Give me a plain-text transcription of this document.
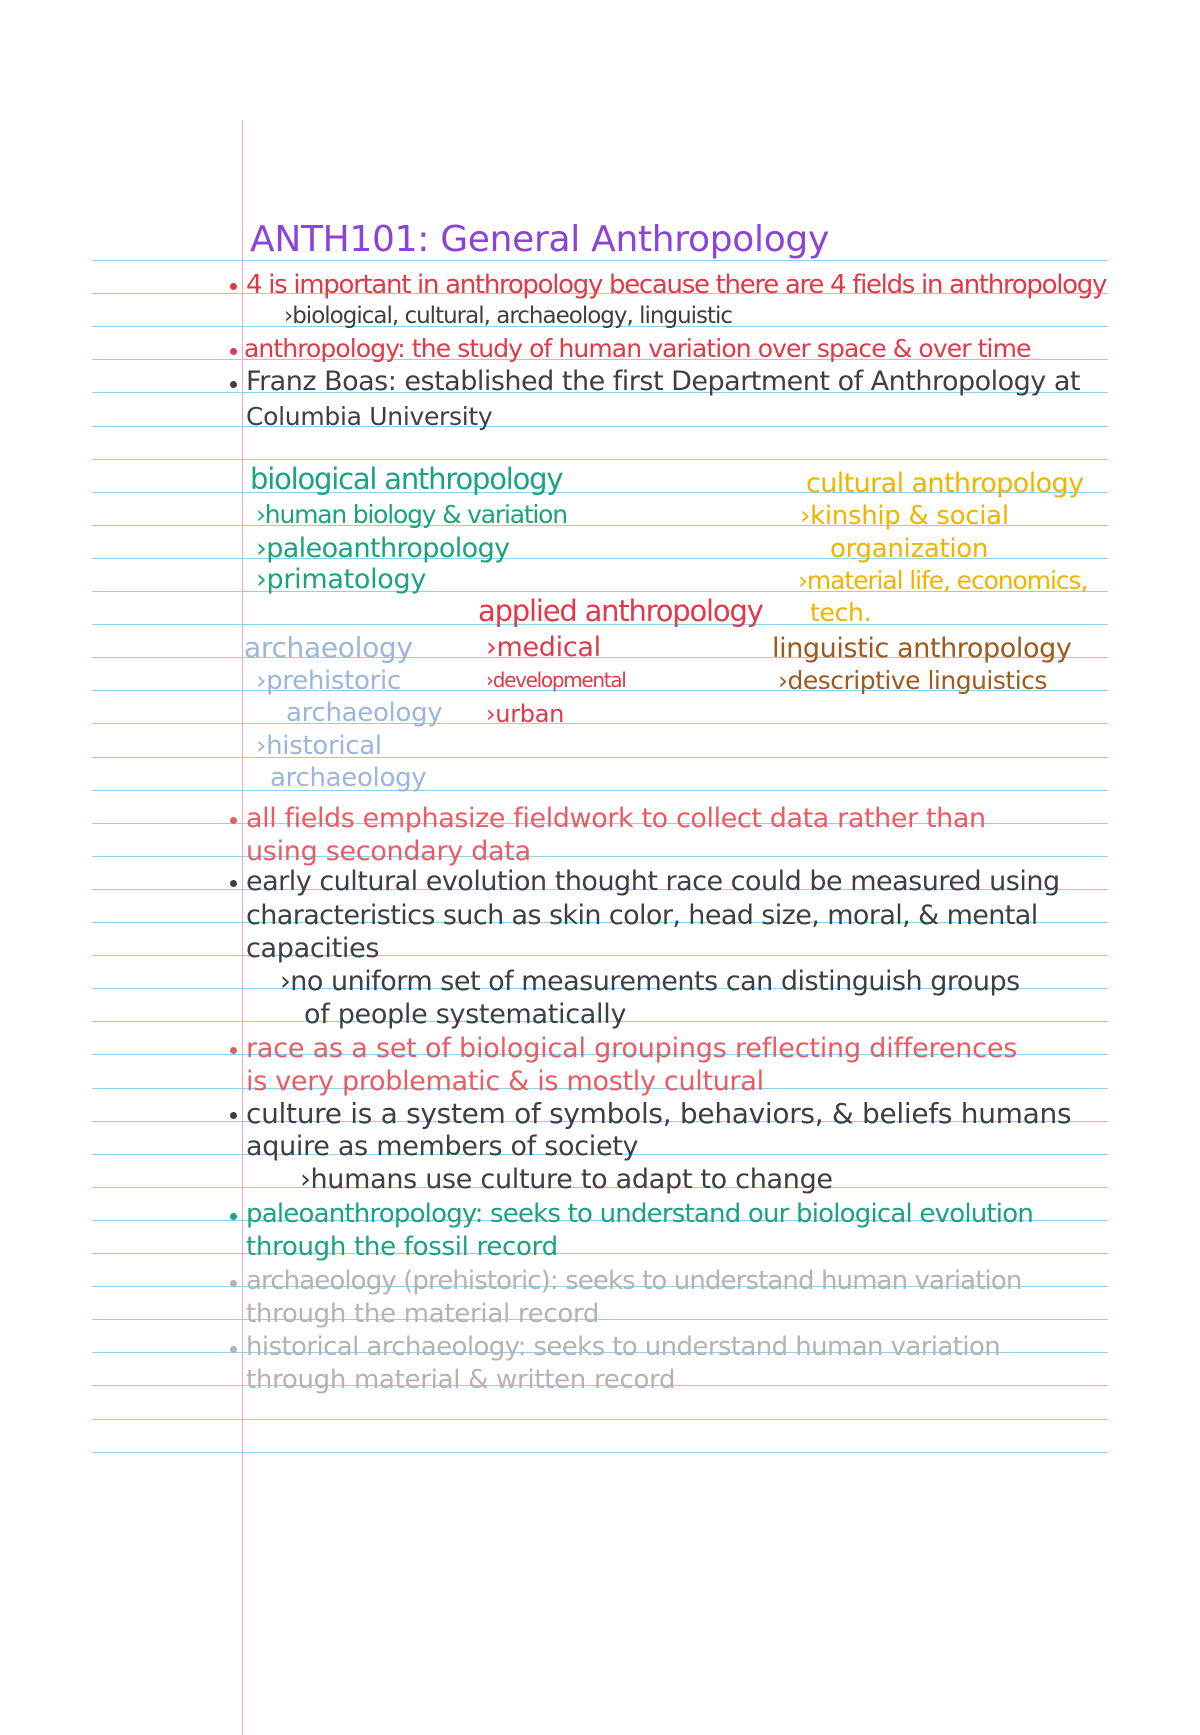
ANTH101: General Anthropology
4 is important in anthropology because there are 4 fields in anthropology
›biological, cultural, archaeology, linguistic
anthropology: the study of human variation over space & over time
Franz Boas: established the first Department of Anthropology at
Columbia University
biological anthropology
›human biology & variation
›paleoanthropology
›primatology
cultural anthropology
›kinship & social
organization
›material life, economics,
tech.
applied anthropology
›medical
›developmental
›urban
archaeology
›prehistoric
archaeology
›historical
archaeology
linguistic anthropology
›descriptive linguistics
all fields emphasize fieldwork to collect data rather than
using secondary data
early cultural evolution thought race could be measured using
characteristics such as skin color, head size, moral, & mental
capacities
›no uniform set of measurements can distinguish groups
of people systematically
race as a set of biological groupings reflecting differences
is very problematic & is mostly cultural
culture is a system of symbols, behaviors, & beliefs humans
aquire as members of society
›humans use culture to adapt to change
paleoanthropology: seeks to understand our biological evolution
through the fossil record
archaeology (prehistoric): seeks to understand human variation
through the material record
historical archaeology: seeks to understand human variation
through material & written record
